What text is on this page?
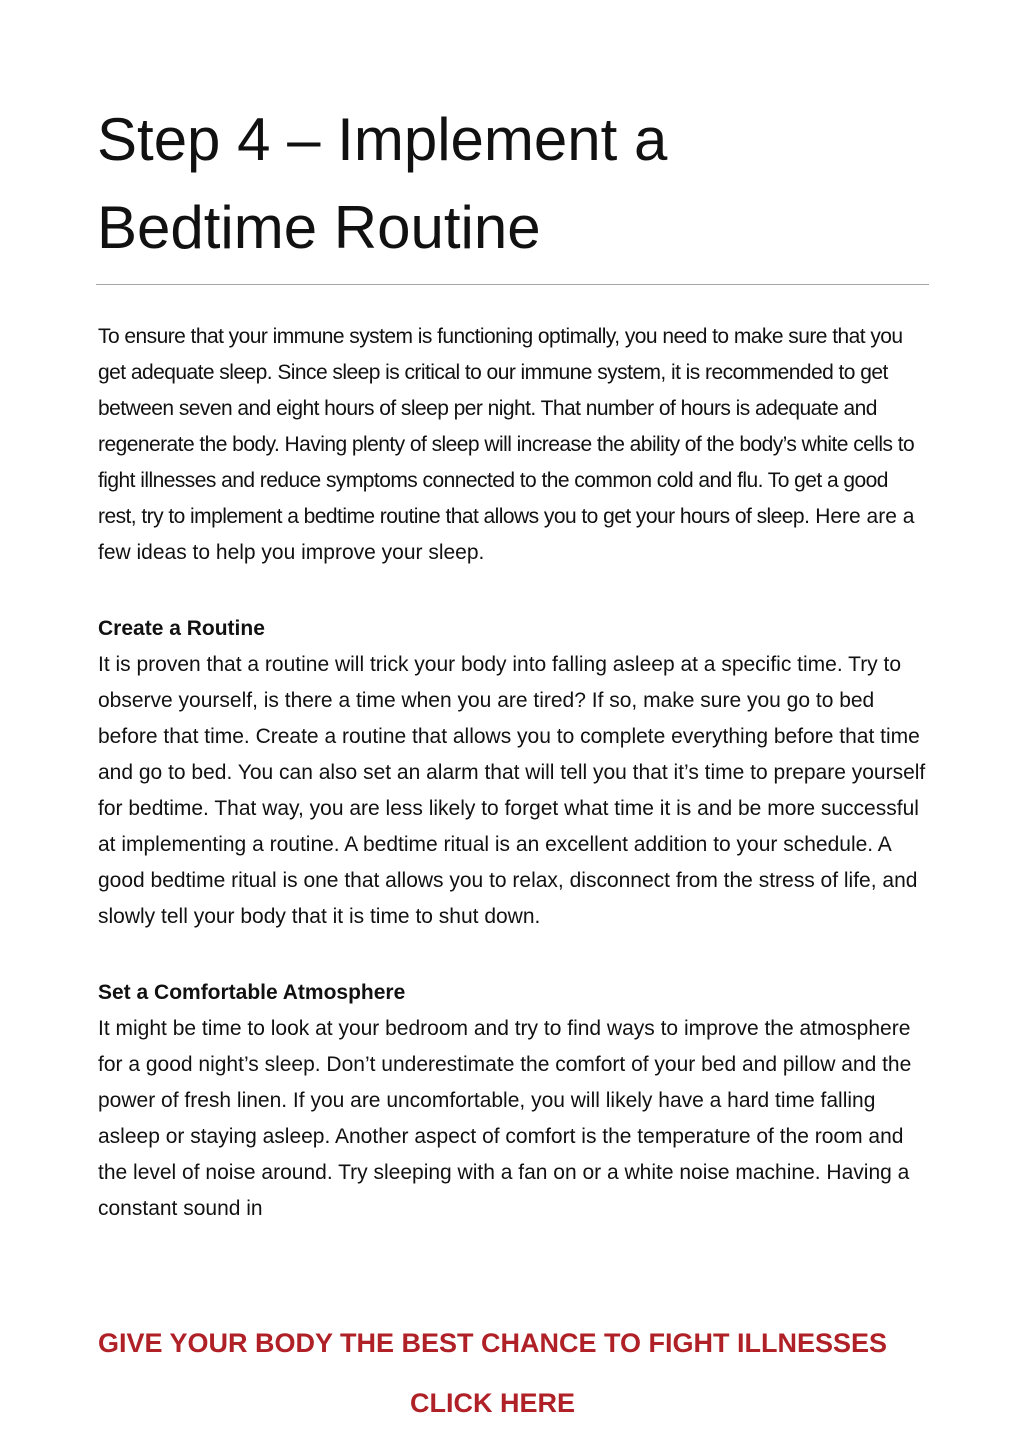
Step 4 – Implement a
Bedtime Routine

To ensure that your immune system is functioning optimally, you need to make sure that you get adequate sleep. Since sleep is critical to our immune system, it is recommended to get between seven and eight hours of sleep per night. That number of hours is adequate and regenerate the body. Having plenty of sleep will increase the ability of the body’s white cells to fight illnesses and reduce symptoms connected to the common cold and flu. To get a good rest, try to implement a bedtime routine that allows you to get your hours of sleep. Here are a few ideas to help you improve your sleep.

Create a Routine

It is proven that a routine will trick your body into falling asleep at a specific time. Try to observe yourself, is there a time when you are tired? If so, make sure you go to bed before that time. Create a routine that allows you to complete everything before that time and go to bed. You can also set an alarm that will tell you that it’s time to prepare yourself for bedtime. That way, you are less likely to forget what time it is and be more successful at implementing a routine. A bedtime ritual is an excellent addition to your schedule. A good bedtime ritual is one that allows you to relax, disconnect from the stress of life, and slowly tell your body that it is time to shut down.

Set a Comfortable Atmosphere

It might be time to look at your bedroom and try to find ways to improve the atmosphere for a good night’s sleep. Don’t underestimate the comfort of your bed and pillow and the power of fresh linen. If you are uncomfortable, you will likely have a hard time falling asleep or staying asleep. Another aspect of comfort is the temperature of the room and the level of noise around. Try sleeping with a fan on or a white noise machine. Having a constant sound in

GIVE YOUR BODY THE BEST CHANCE TO FIGHT ILLNESSES
CLICK HERE
